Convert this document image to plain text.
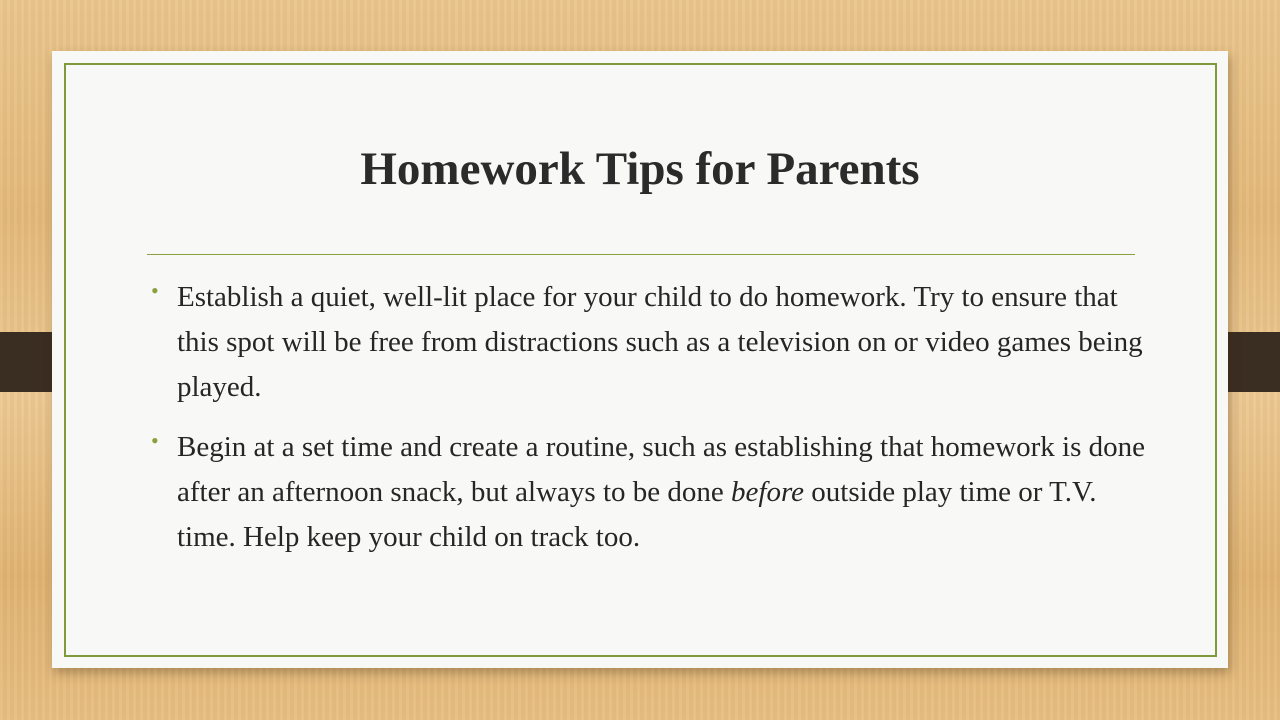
Homework Tips for Parents
• Establish a quiet, well-lit place for your child to do homework. Try to ensure that this spot will be free from distractions such as a television on or video games being played.
• Begin at a set time and create a routine, such as establishing that homework is done after an afternoon snack, but always to be done before outside play time or T.V. time. Help keep your child on track too.
